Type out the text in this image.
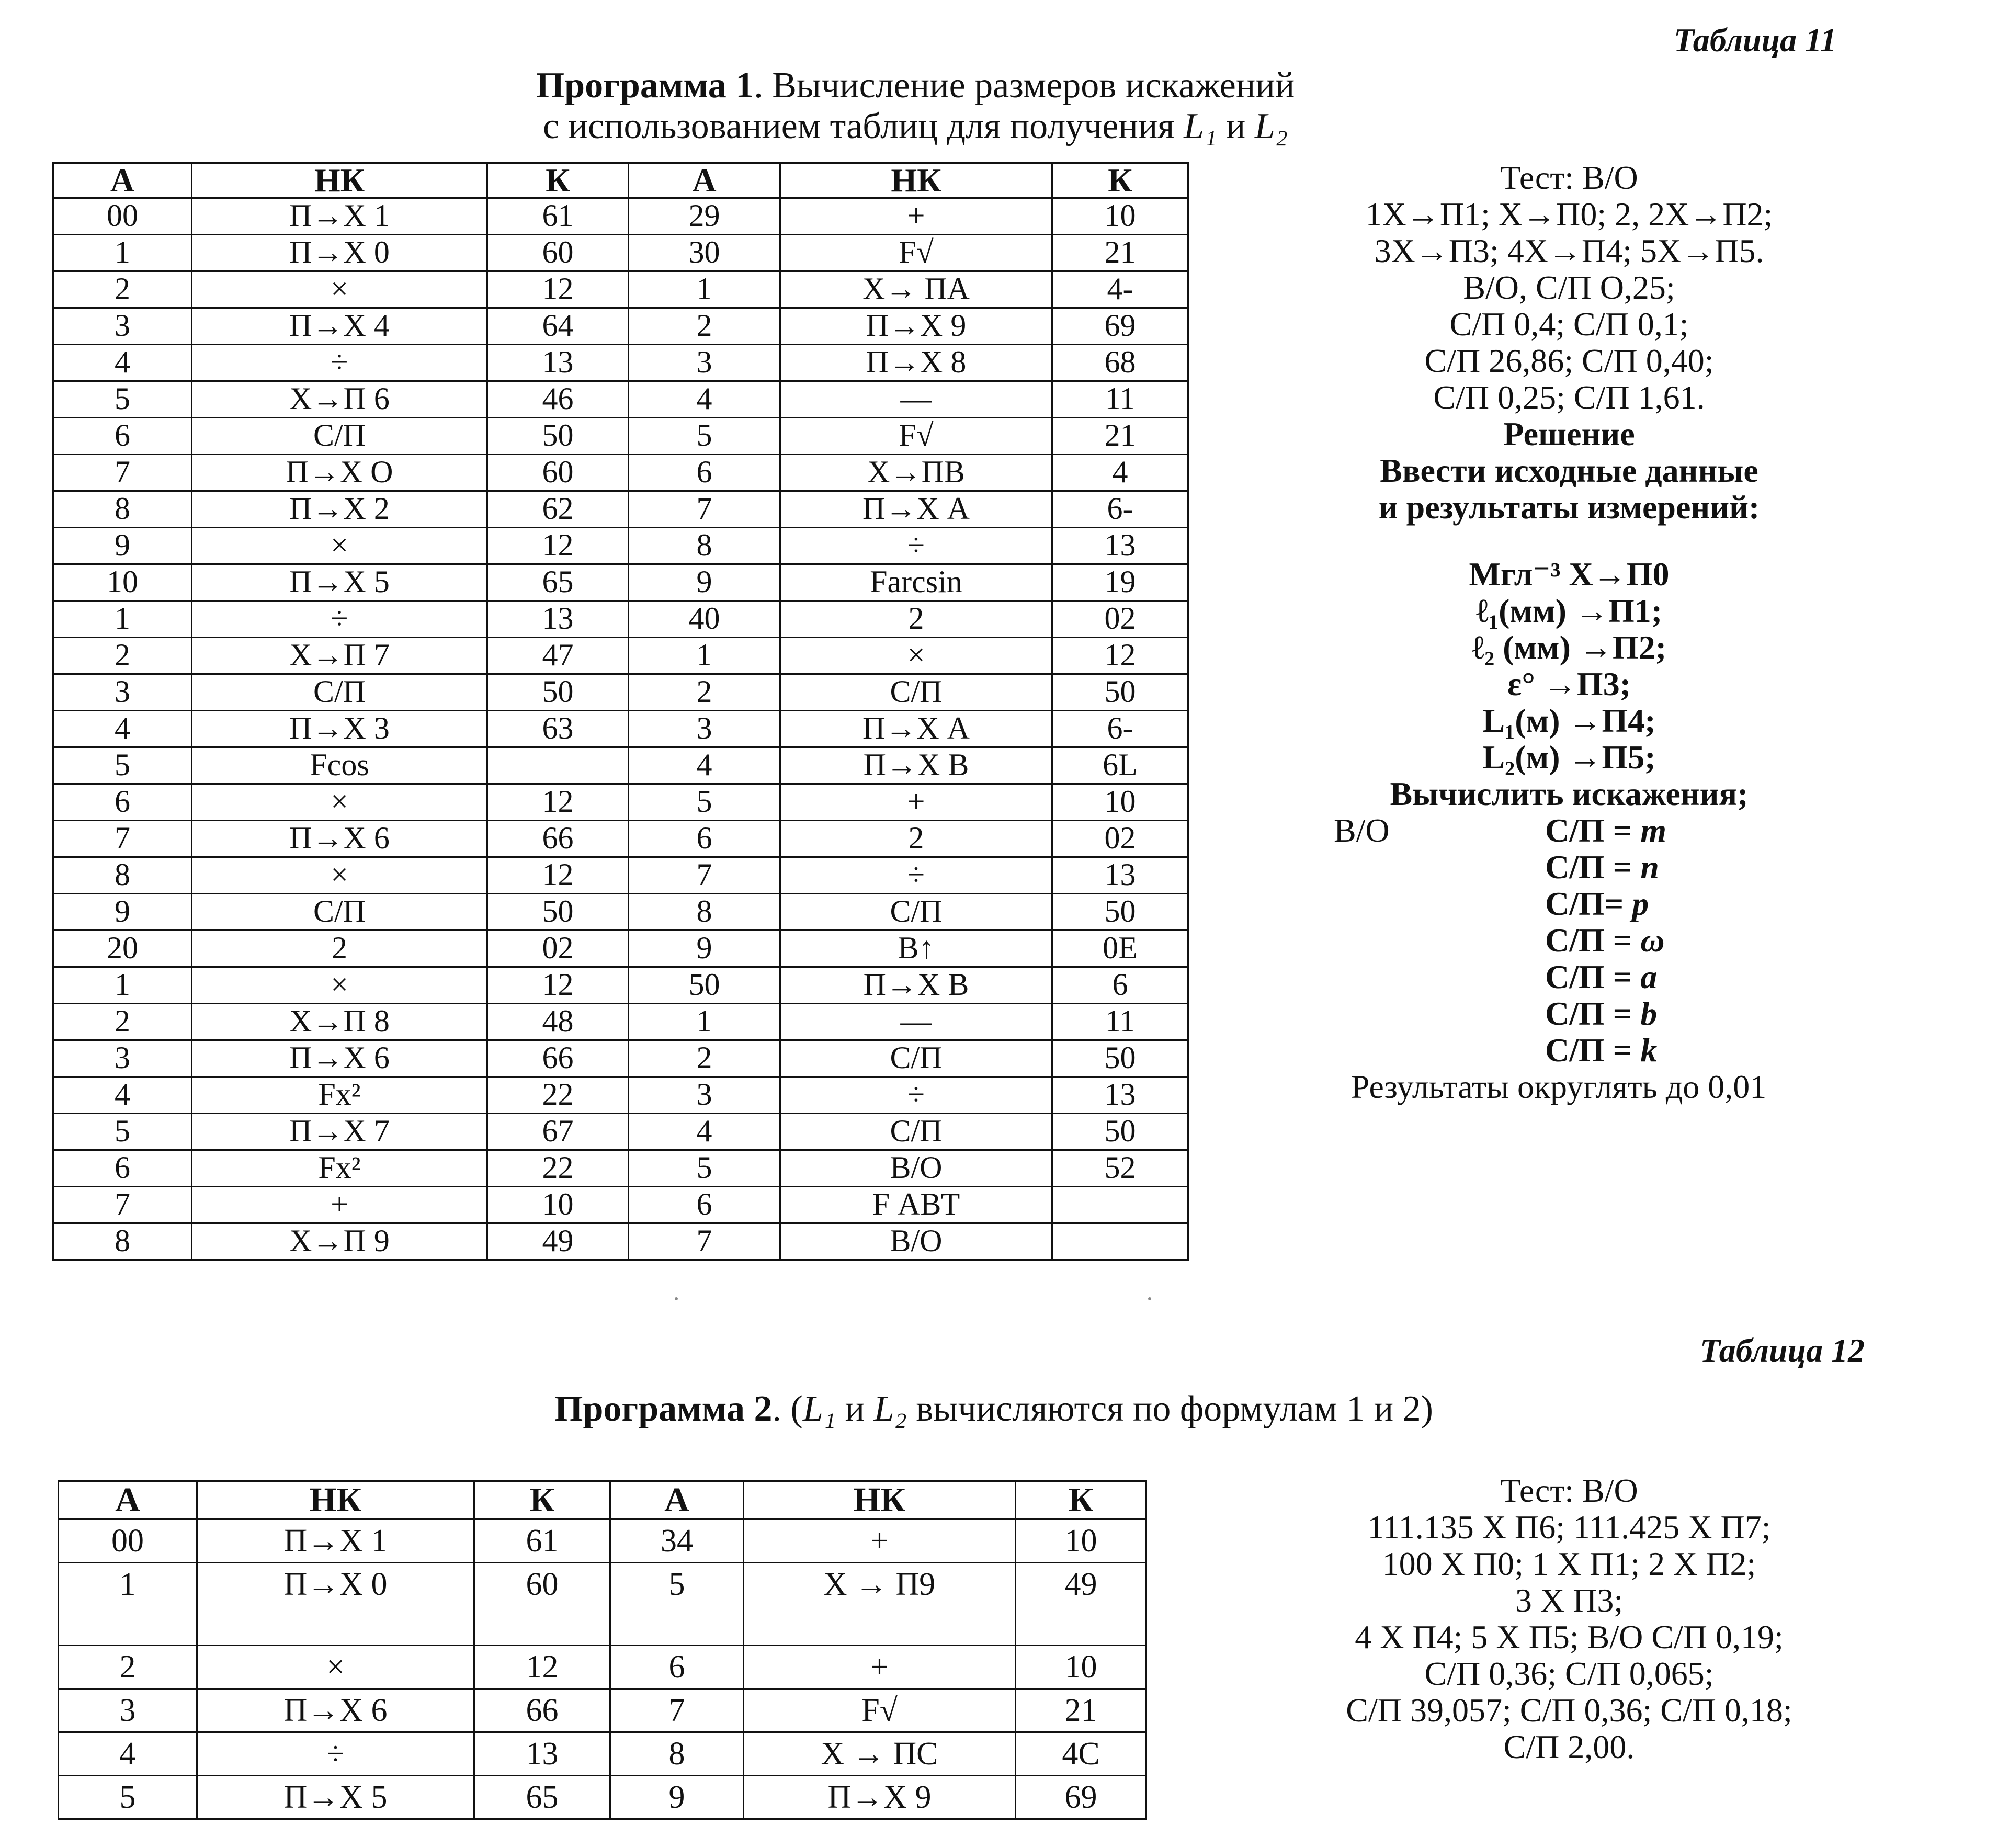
Таблица 11
Программа 1. Вычисление размеров искажений
с использованием таблиц для получения L₁ и L₂
А	НК	К	А	НК	К
00	П→Х 1	61	29	+	10
1	П→Х 0	60	30	F√	21
2	×	12	1	Х→ ПА	4-
3	П→Х 4	64	2	П→Х 9	69
4	÷	13	3	П→Х 8	68
5	Х→П 6	46	4	—	11
6	С/П	50	5	F√	21
7	П→Х О	60	6	Х→ПВ	4
8	П→Х 2	62	7	П→Х А	6-
9	×	12	8	÷	13
10	П→Х 5	65	9	Farcsin	19
1	÷	13	40	2	02
2	Х→П 7	47	1	×	12
3	С/П	50	2	С/П	50
4	П→Х 3	63	3	П→Х А	6-
5	Fcos		4	П→Х В	6L
6	×	12	5	+	10
7	П→Х 6	66	6	2	02
8	×	12	7	÷	13
9	С/П	50	8	С/П	50
20	2	02	9	В↑	0Е
1	×	12	50	П→Х В	6
2	Х→П 8	48	1	—	11
3	П→Х 6	66	2	С/П	50
4	Fx²	22	3	÷	13
5	П→Х 7	67	4	С/П	50
6	Fx²	22	5	В/О	52
7	+	10	6	F АВТ	
8	Х→П 9	49	7	В/О	
Тест: В/О
1Х→П1; Х→П0; 2, 2Х→П2;
3Х→П3; 4Х→П4; 5Х→П5.
В/О, С/П О,25;
С/П 0,4; С/П 0,1;
С/П 26,86; С/П 0,40;
С/П 0,25; С/П 1,61.
Решение
Ввести исходные данные
и результаты измерений:
Мгл⁻³ Х→П0
ℓ₁(мм) →П1;
ℓ₂ (мм) →П2;
ε° →П3;
L₁(м) →П4;
L₂(м) →П5;
Вычислить искажения;
В/О	С/П = m
С/П = n
С/П= p
С/П = ω
С/П = a
С/П = b
С/П = k
Результаты округлять до 0,01
Таблица 12
Программа 2. (L₁ и L₂ вычисляются по формулам 1 и 2)
А	НК	К	А	НК	К
00	П→Х 1	61	34	+	10
1	П→Х 0	60	5	Х → П9	49
2	×	12	6	+	10
3	П→Х 6	66	7	F√	21
4	÷	13	8	Х → ПС	4С
5	П→Х 5	65	9	П→Х 9	69
Тест: В/О
111.135 Х П6; 111.425 Х П7;
100 Х П0; 1 Х П1; 2 Х П2;
3 Х П3;
4 Х П4; 5 Х П5; В/О С/П 0,19;
С/П 0,36; С/П 0,065;
С/П 39,057; С/П 0,36; С/П 0,18;
С/П 2,00.
